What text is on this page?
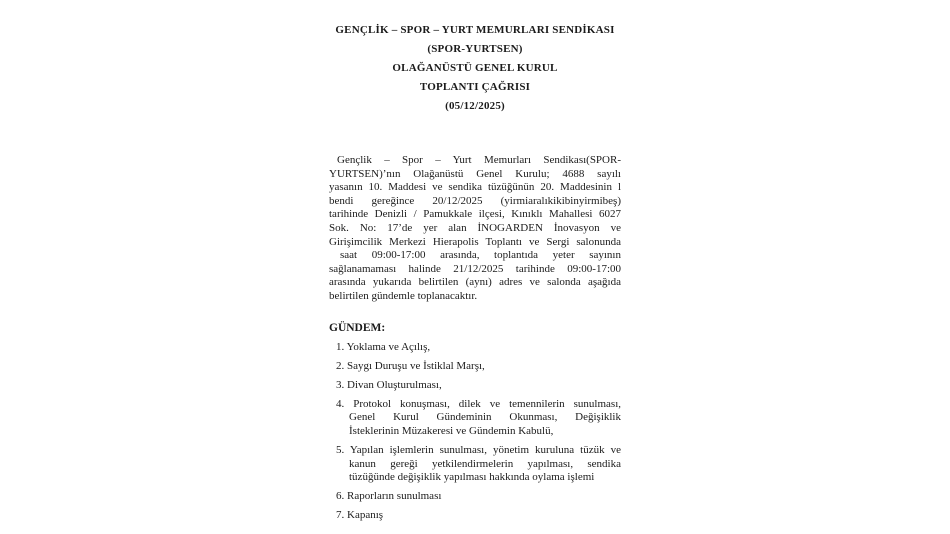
GENÇLİK – SPOR – YURT MEMURLARI SENDİKASI
(SPOR-YURTSEN)
OLAĞANÜSTÜ GENEL KURUL
TOPLANTI ÇAĞRISI
(05/12/2025)
Gençlik – Spor – Yurt Memurları Sendikası(SPOR-
YURTSEN)’nın Olağanüstü Genel Kurulu; 4688 sayılı
yasanın 10. Maddesi ve sendika tüzüğünün 20. Maddesinin l
bendi gereğince 20/12/2025 (yirmiaralıkikibinyirmibeş)
tarihinde Denizli / Pamukkale ilçesi, Kınıklı Mahallesi 6027
Sok. No: 17’de yer alan İNOGARDEN İnovasyon ve
Girişimcilik Merkezi Hierapolis Toplantı ve Sergi salonunda
saat 09:00-17:00 arasında, toplantıda yeter sayının
sağlanamaması halinde 21/12/2025 tarihinde 09:00-17:00
arasında yukarıda belirtilen (aynı) adres ve salonda aşağıda
belirtilen gündemle toplanacaktır.
GÜNDEM:
1. Yoklama ve Açılış,
2. Saygı Duruşu ve İstiklal Marşı,
3. Divan Oluşturulması,
4. Protokol konuşması, dilek ve temennilerin sunulması,
Genel Kurul Gündeminin Okunması, Değişiklik
İsteklerinin Müzakeresi ve Gündemin Kabulü,
5. Yapılan işlemlerin sunulması, yönetim kuruluna tüzük ve
kanun gereği yetkilendirmelerin yapılması, sendika
tüzüğünde değişiklik yapılması hakkında oylama işlemi
6. Raporların sunulması
7. Kapanış
